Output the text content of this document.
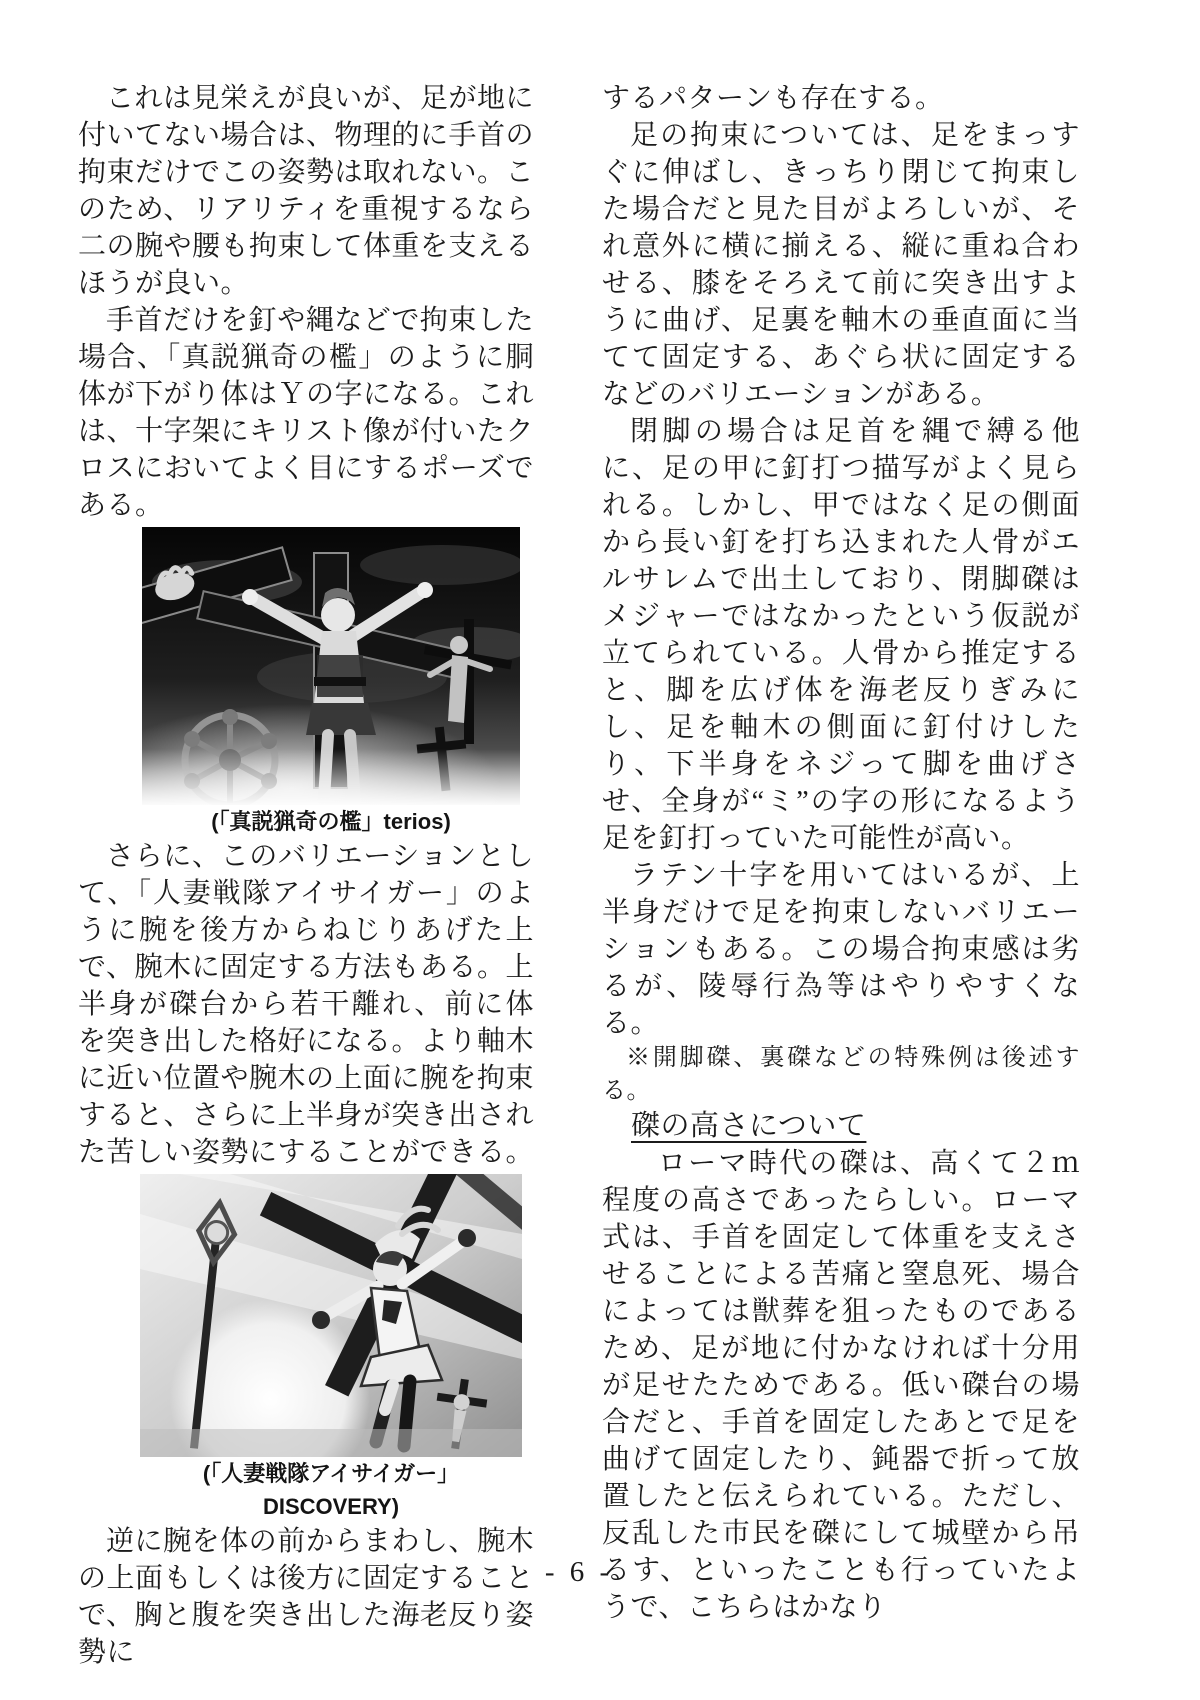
これは見栄えが良いが、足が地に付いてない場合は、物理的に手首の拘束だけでこの姿勢は取れない。このため、リアリティを重視するなら二の腕や腰も拘束して体重を支えるほうが良い。

手首だけを釘や縄などで拘束した場合、「真説猟奇の檻」のように胴体が下がり体はＹの字になる。これは、十字架にキリスト像が付いたクロスにおいてよく目にするポーズである。

(「真説猟奇の檻」terios)

さらに、このバリエーションとして、「人妻戦隊アイサイガー」のように腕を後方からねじりあげた上で、腕木に固定する方法もある。上半身が磔台から若干離れ、前に体を突き出した格好になる。より軸木に近い位置や腕木の上面に腕を拘束すると、さらに上半身が突き出された苦しい姿勢にすることができる。

(「人妻戦隊アイサイガー」DISCOVERY)

逆に腕を体の前からまわし、腕木の上面もしくは後方に固定することで、胸と腹を突き出した海老反り姿勢に

するパターンも存在する。

足の拘束については、足をまっすぐに伸ばし、きっちり閉じて拘束した場合だと見た目がよろしいが、それ意外に横に揃える、縦に重ね合わせる、膝をそろえて前に突き出すように曲げ、足裏を軸木の垂直面に当てて固定する、あぐら状に固定するなどのバリエーションがある。

閉脚の場合は足首を縄で縛る他に、足の甲に釘打つ描写がよく見られる。しかし、甲ではなく足の側面から長い釘を打ち込まれた人骨がエルサレムで出土しており、閉脚磔はメジャーではなかったという仮説が立てられている。人骨から推定すると、脚を広げ体を海老反りぎみにし、足を軸木の側面に釘付けしたり、下半身をネジって脚を曲げさせ、全身が“ミ”の字の形になるよう足を釘打っていた可能性が高い。

ラテン十字を用いてはいるが、上半身だけで足を拘束しないバリエーションもある。この場合拘束感は劣るが、陵辱行為等はやりやすくなる。

※開脚磔、裏磔などの特殊例は後述する。

磔の高さについて

ローマ時代の磔は、高くて２ｍ程度の高さであったらしい。ローマ式は、手首を固定して体重を支えさせることによる苦痛と窒息死、場合によっては獣葬を狙ったものであるため、足が地に付かなければ十分用が足せたためである。低い磔台の場合だと、手首を固定したあとで足を曲げて固定したり、鈍器で折って放置したと伝えられている。ただし、反乱した市民を磔にして城壁から吊るす、といったことも行っていたようで、こちらはかなり

- 6 -
